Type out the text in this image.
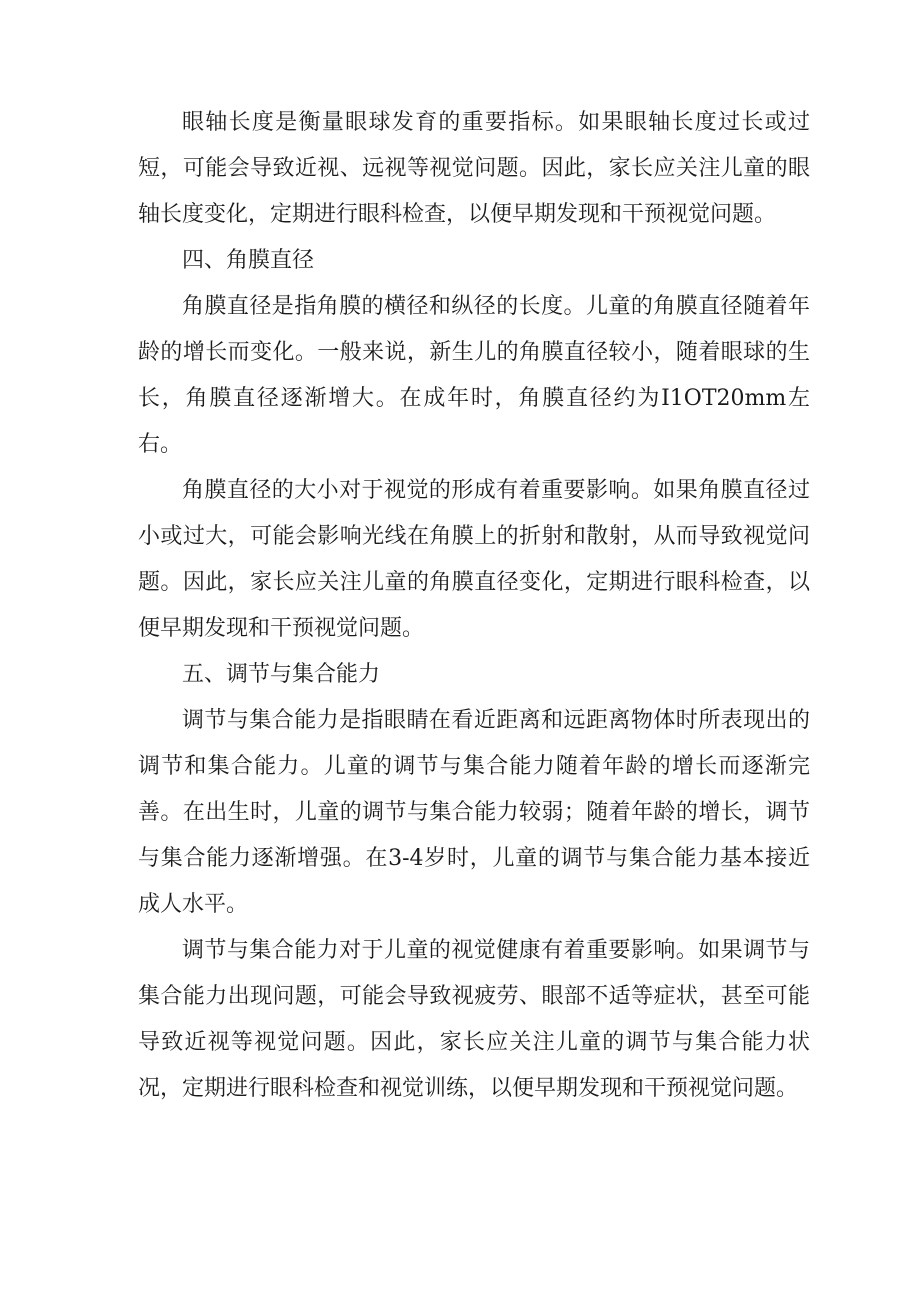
眼轴长度是衡量眼球发育的重要指标。如果眼轴长度过长或过短，可能会导致近视、远视等视觉问题。因此，家长应关注儿童的眼轴长度变化，定期进行眼科检查，以便早期发现和干预视觉问题。

四、角膜直径

角膜直径是指角膜的横径和纵径的长度。儿童的角膜直径随着年龄的增长而变化。一般来说，新生儿的角膜直径较小，随着眼球的生长，角膜直径逐渐增大。在成年时，角膜直径约为I1OT20mm左右。

角膜直径的大小对于视觉的形成有着重要影响。如果角膜直径过小或过大，可能会影响光线在角膜上的折射和散射，从而导致视觉问题。因此，家长应关注儿童的角膜直径变化，定期进行眼科检查，以便早期发现和干预视觉问题。

五、调节与集合能力

调节与集合能力是指眼睛在看近距离和远距离物体时所表现出的调节和集合能力。儿童的调节与集合能力随着年龄的增长而逐渐完善。在出生时，儿童的调节与集合能力较弱；随着年龄的增长，调节与集合能力逐渐增强。在3-4岁时，儿童的调节与集合能力基本接近成人水平。

调节与集合能力对于儿童的视觉健康有着重要影响。如果调节与集合能力出现问题，可能会导致视疲劳、眼部不适等症状，甚至可能导致近视等视觉问题。因此，家长应关注儿童的调节与集合能力状况，定期进行眼科检查和视觉训练，以便早期发现和干预视觉问题。
